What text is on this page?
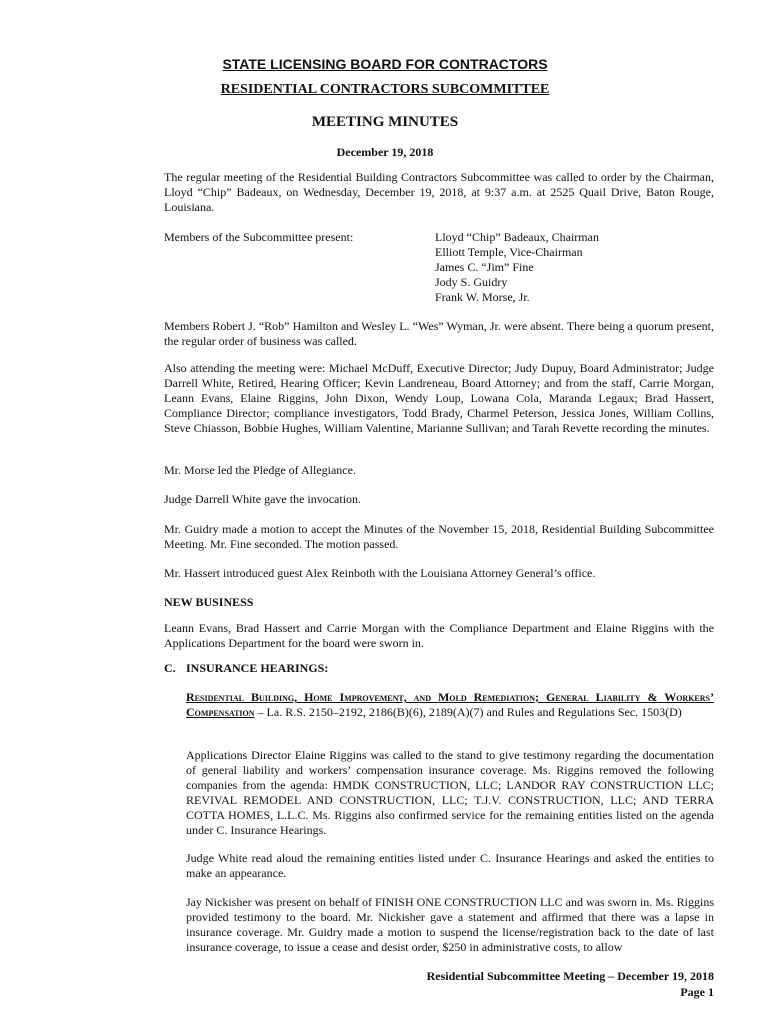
STATE LICENSING BOARD FOR CONTRACTORS
RESIDENTIAL CONTRACTORS SUBCOMMITTEE
MEETING MINUTES
December 19, 2018

The regular meeting of the Residential Building Contractors Subcommittee was called to order by the Chairman, Lloyd “Chip” Badeaux, on Wednesday, December 19, 2018, at 9:37 a.m. at 2525 Quail Drive, Baton Rouge, Louisiana.

Members of the Subcommittee present:	Lloyd “Chip” Badeaux, Chairman
Elliott Temple, Vice-Chairman
James C. “Jim” Fine
Jody S. Guidry
Frank W. Morse, Jr.

Members Robert J. “Rob” Hamilton and Wesley L. “Wes” Wyman, Jr. were absent. There being a quorum present, the regular order of business was called.

Also attending the meeting were: Michael McDuff, Executive Director; Judy Dupuy, Board Administrator; Judge Darrell White, Retired, Hearing Officer; Kevin Landreneau, Board Attorney; and from the staff, Carrie Morgan, Leann Evans, Elaine Riggins, John Dixon, Wendy Loup, Lowana Cola, Maranda Legaux; Brad Hassert, Compliance Director; compliance investigators, Todd Brady, Charmel Peterson, Jessica Jones, William Collins, Steve Chiasson, Bobbie Hughes, William Valentine, Marianne Sullivan; and Tarah Revette recording the minutes.

Mr. Morse led the Pledge of Allegiance.

Judge Darrell White gave the invocation.

Mr. Guidry made a motion to accept the Minutes of the November 15, 2018, Residential Building Subcommittee Meeting. Mr. Fine seconded. The motion passed.

Mr. Hassert introduced guest Alex Reinboth with the Louisiana Attorney General’s office.

NEW BUSINESS

Leann Evans, Brad Hassert and Carrie Morgan with the Compliance Department and Elaine Riggins with the Applications Department for the board were sworn in.

C. INSURANCE HEARINGS:

Residential Building, Home Improvement, and Mold Remediation; General Liability & Workers’ Compensation – La. R.S. 2150–2192, 2186(B)(6), 2189(A)(7) and Rules and Regulations Sec. 1503(D)

Applications Director Elaine Riggins was called to the stand to give testimony regarding the documentation of general liability and workers’ compensation insurance coverage. Ms. Riggins removed the following companies from the agenda: HMDK CONSTRUCTION, LLC; LANDOR RAY CONSTRUCTION LLC; REVIVAL REMODEL AND CONSTRUCTION, LLC; T.J.V. CONSTRUCTION, LLC; AND TERRA COTTA HOMES, L.L.C. Ms. Riggins also confirmed service for the remaining entities listed on the agenda under C. Insurance Hearings.

Judge White read aloud the remaining entities listed under C. Insurance Hearings and asked the entities to make an appearance.

Jay Nickisher was present on behalf of FINISH ONE CONSTRUCTION LLC and was sworn in. Ms. Riggins provided testimony to the board. Mr. Nickisher gave a statement and affirmed that there was a lapse in insurance coverage. Mr. Guidry made a motion to suspend the license/registration back to the date of last insurance coverage, to issue a cease and desist order, $250 in administrative costs, to allow

Residential Subcommittee Meeting – December 19, 2018
Page 1
